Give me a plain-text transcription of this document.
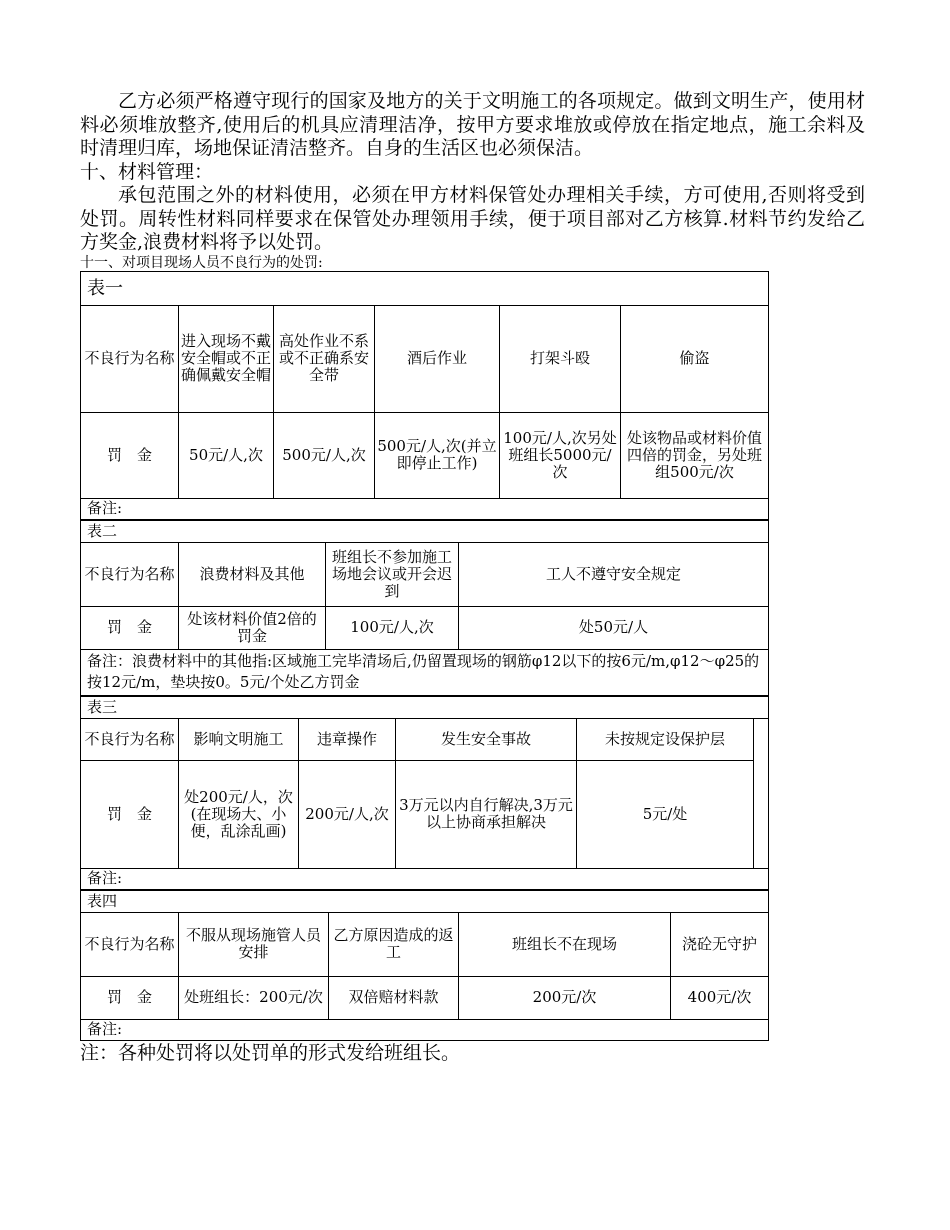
乙方必须严格遵守现行的国家及地方的关于文明施工的各项规定。做到文明生产，使用材料必须堆放整齐,使用后的机具应清理洁净，按甲方要求堆放或停放在指定地点，施工余料及时清理归库，场地保证清洁整齐。自身的生活区也必须保洁。

十、材料管理：

承包范围之外的材料使用，必须在甲方材料保管处办理相关手续，方可使用,否则将受到处罚。周转性材料同样要求在保管处办理领用手续，便于项目部对乙方核算.材料节约发给乙方奖金,浪费材料将予以处罚。

十一、对项目现场人员不良行为的处罚:

表一					
不良行为名称	进入现场不戴安全帽或不正确佩戴安全帽	高处作业不系或不正确系安全带	酒后作业	打架斗殴	偷盗
罚　金	50元/人,次	500元/人,次	500元/人,次(并立即停止工作)	100元/人,次另处班组长5000元/次	处该物品或材料价值四倍的罚金，另处班组500元/次
备注:					
表二			
不良行为名称	浪费材料及其他	班组长不参加施工场地会议或开会迟到	工人不遵守安全规定
罚　金	处该材料价值2倍的罚金	100元/人,次	处50元/人
备注：浪费材料中的其他指:区域施工完毕清场后,仍留置现场的钢筋φ12以下的按6元/m,φ12～φ25的按12元/m，垫块按0。5元/个处乙方罚金			
表三					
不良行为名称	影响文明施工	违章操作	发生安全事故	未按规定设保护层	
罚　金	处200元/人，次(在现场大、小便，乱涂乱画)	200元/人,次	3万元以内自行解决,3万元以上协商承担解决	5元/处	
备注:					
表四				
不良行为名称	不服从现场施管人员安排	乙方原因造成的返工	班组长不在现场	浇砼无守护
罚　金	处班组长：200元/次	双倍赔材料款	200元/次	400元/次
备注:				

注：各种处罚将以处罚单的形式发给班组长。
